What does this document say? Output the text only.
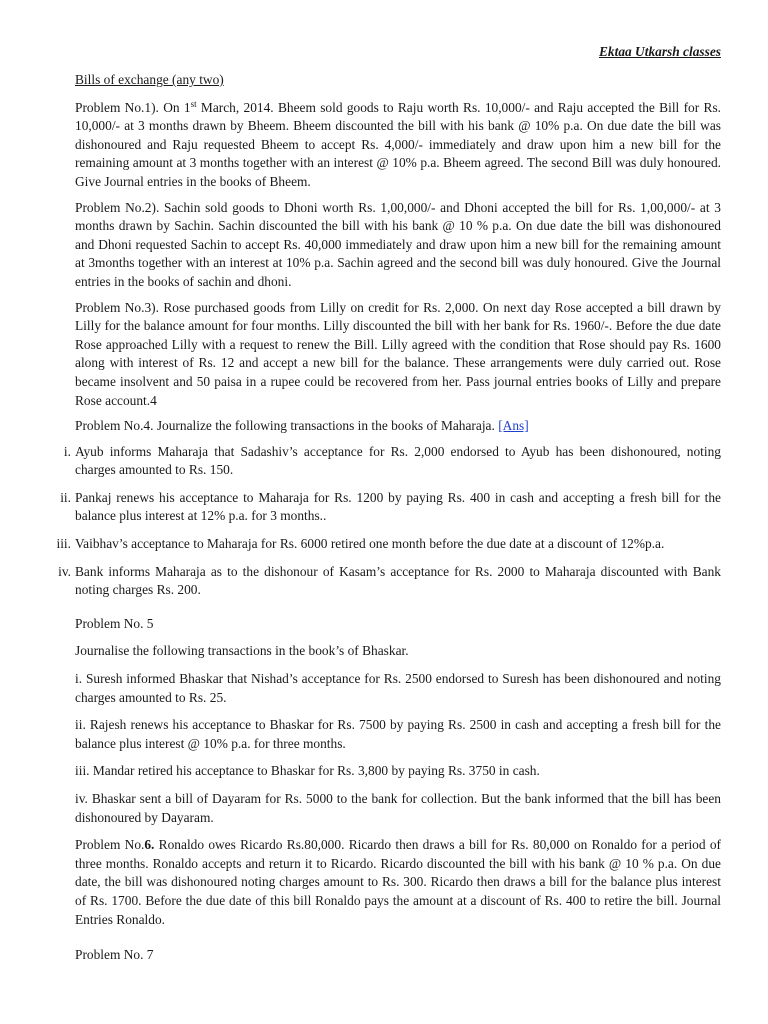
Ektaa Utkarsh classes

Bills of exchange (any two)

Problem No.1). On 1st March, 2014. Bheem sold goods to Raju worth Rs. 10,000/- and Raju accepted the Bill for Rs. 10,000/- at 3 months drawn by Bheem. Bheem discounted the bill with his bank @ 10% p.a. On due date the bill was dishonoured and Raju requested Bheem to accept Rs. 4,000/- immediately and draw upon him a new bill for the remaining amount at 3 months together with an interest @ 10% p.a. Bheem agreed. The second Bill was duly honoured. Give Journal entries in the books of Bheem.

Problem No.2). Sachin sold goods to Dhoni worth Rs. 1,00,000/- and Dhoni accepted the bill for Rs. 1,00,000/- at 3 months drawn by Sachin. Sachin discounted the bill with his bank @ 10 % p.a. On due date the bill was dishonoured and Dhoni requested Sachin to accept Rs. 40,000 immediately and draw upon him a new bill for the remaining amount at 3months together with an interest at 10% p.a. Sachin agreed and the second bill was duly honoured. Give the Journal entries in the books of sachin and dhoni.

Problem No.3). Rose purchased goods from Lilly on credit for Rs. 2,000. On next day Rose accepted a bill drawn by Lilly for the balance amount for four months. Lilly discounted the bill with her bank for Rs. 1960/-. Before the due date Rose approached Lilly with a request to renew the Bill. Lilly agreed with the condition that Rose should pay Rs. 1600 along with interest of Rs. 12 and accept a new bill for the balance. These arrangements were duly carried out. Rose became insolvent and 50 paisa in a rupee could be recovered from her. Pass journal entries books of Lilly and prepare Rose account.4

Problem No.4. Journalize the following transactions in the books of Maharaja. [Ans]

i. Ayub informs Maharaja that Sadashiv’s acceptance for Rs. 2,000 endorsed to Ayub has been dishonoured, noting charges amounted to Rs. 150.
ii. Pankaj renews his acceptance to Maharaja for Rs. 1200 by paying Rs. 400 in cash and accepting a fresh bill for the balance plus interest at 12% p.a. for 3 months..
iii. Vaibhav’s acceptance to Maharaja for Rs. 6000 retired one month before the due date at a discount of 12%p.a.
iv. Bank informs Maharaja as to the dishonour of Kasam’s acceptance for Rs. 2000 to Maharaja discounted with Bank noting charges Rs. 200.

Problem No. 5

Journalise the following transactions in the book’s of Bhaskar.

i. Suresh informed Bhaskar that Nishad’s acceptance for Rs. 2500 endorsed to Suresh has been dishonoured and noting charges amounted to Rs. 25.

ii. Rajesh renews his acceptance to Bhaskar for Rs. 7500 by paying Rs. 2500 in cash and accepting a fresh bill for the balance plus interest @ 10% p.a. for three months.

iii. Mandar retired his acceptance to Bhaskar for Rs. 3,800 by paying Rs. 3750 in cash.

iv. Bhaskar sent a bill of Dayaram for Rs. 5000 to the bank for collection. But the bank informed that the bill has been dishonoured by Dayaram.

Problem No.6. Ronaldo owes Ricardo Rs.80,000. Ricardo then draws a bill for Rs. 80,000 on Ronaldo for a period of three months. Ronaldo accepts and return it to Ricardo. Ricardo discounted the bill with his bank @ 10 % p.a. On due date, the bill was dishonoured noting charges amount to Rs. 300. Ricardo then draws a bill for the balance plus interest of Rs. 1700. Before the due date of this bill Ronaldo pays the amount at a discount of Rs. 400 to retire the bill. Journal Entries Ronaldo.

Problem No. 7
